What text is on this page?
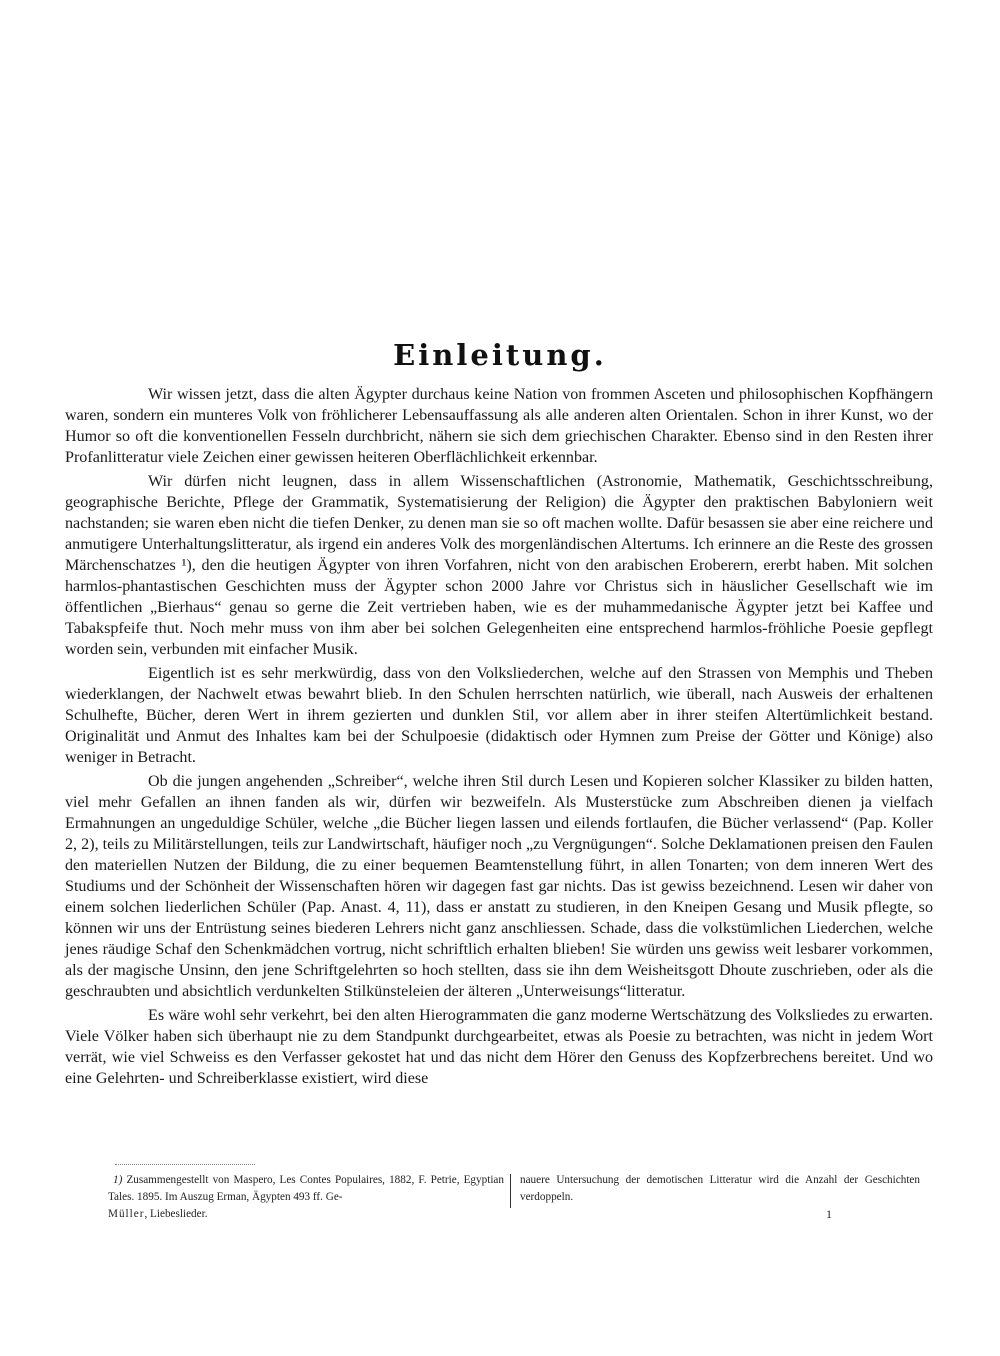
Einleitung.

Wir wissen jetzt, dass die alten Ägypter durchaus keine Nation von frommen Asceten und philosophischen Kopfhängern waren, sondern ein munteres Volk von fröhlicherer Lebensauffassung als alle anderen alten Orientalen. Schon in ihrer Kunst, wo der Humor so oft die konventionellen Fesseln durchbricht, nähern sie sich dem griechischen Charakter. Ebenso sind in den Resten ihrer Profanlitteratur viele Zeichen einer gewissen heiteren Oberflächlichkeit erkennbar.

Wir dürfen nicht leugnen, dass in allem Wissenschaftlichen (Astronomie, Mathematik, Geschichtsschreibung, geographische Berichte, Pflege der Grammatik, Systematisierung der Religion) die Ägypter den praktischen Babyloniern weit nachstanden; sie waren eben nicht die tiefen Denker, zu denen man sie so oft machen wollte. Dafür besassen sie aber eine reichere und anmutigere Unterhaltungslitteratur, als irgend ein anderes Volk des morgenländischen Altertums. Ich erinnere an die Reste des grossen Märchenschatzes ¹), den die heutigen Ägypter von ihren Vorfahren, nicht von den arabischen Eroberern, ererbt haben. Mit solchen harmlos-phantastischen Geschichten muss der Ägypter schon 2000 Jahre vor Christus sich in häuslicher Gesellschaft wie im öffentlichen „Bierhaus“ genau so gerne die Zeit vertrieben haben, wie es der muhammedanische Ägypter jetzt bei Kaffee und Tabakspfeife thut. Noch mehr muss von ihm aber bei solchen Gelegenheiten eine entsprechend harmlos-fröhliche Poesie gepflegt worden sein, verbunden mit einfacher Musik.

Eigentlich ist es sehr merkwürdig, dass von den Volksliederchen, welche auf den Strassen von Memphis und Theben wiederklangen, der Nachwelt etwas bewahrt blieb. In den Schulen herrschten natürlich, wie überall, nach Ausweis der erhaltenen Schulhefte, Bücher, deren Wert in ihrem gezierten und dunklen Stil, vor allem aber in ihrer steifen Altertümlichkeit bestand. Originalität und Anmut des Inhaltes kam bei der Schulpoesie (didaktisch oder Hymnen zum Preise der Götter und Könige) also weniger in Betracht.

Ob die jungen angehenden „Schreiber“, welche ihren Stil durch Lesen und Kopieren solcher Klassiker zu bilden hatten, viel mehr Gefallen an ihnen fanden als wir, dürfen wir bezweifeln. Als Musterstücke zum Abschreiben dienen ja vielfach Ermahnungen an ungeduldige Schüler, welche „die Bücher liegen lassen und eilends fortlaufen, die Bücher verlassend“ (Pap. Koller 2, 2), teils zu Militärstellungen, teils zur Landwirtschaft, häufiger noch „zu Vergnügungen“. Solche Deklamationen preisen den Faulen den materiellen Nutzen der Bildung, die zu einer bequemen Beamtenstellung führt, in allen Tonarten; von dem inneren Wert des Studiums und der Schönheit der Wissenschaften hören wir dagegen fast gar nichts. Das ist gewiss bezeichnend. Lesen wir daher von einem solchen liederlichen Schüler (Pap. Anast. 4, 11), dass er anstatt zu studieren, in den Kneipen Gesang und Musik pflegte, so können wir uns der Entrüstung seines biederen Lehrers nicht ganz anschliessen. Schade, dass die volkstümlichen Liederchen, welche jenes räudige Schaf den Schenkmädchen vortrug, nicht schriftlich erhalten blieben! Sie würden uns gewiss weit lesbarer vorkommen, als der magische Unsinn, den jene Schriftgelehrten so hoch stellten, dass sie ihn dem Weisheitsgott Dhoute zuschrieben, oder als die geschraubten und absichtlich verdunkelten Stilkünsteleien der älteren „Unterweisungs“litteratur.

Es wäre wohl sehr verkehrt, bei den alten Hierogrammaten die ganz moderne Wertschätzung des Volksliedes zu erwarten. Viele Völker haben sich überhaupt nie zu dem Standpunkt durchgearbeitet, etwas als Poesie zu betrachten, was nicht in jedem Wort verrät, wie viel Schweiss es den Verfasser gekostet hat und das nicht dem Hörer den Genuss des Kopfzerbrechens bereitet. Und wo eine Gelehrten- und Schreiberklasse existiert, wird diese

1) Zusammengestellt von Maspero, Les Contes Populaires, 1882, F. Petrie, Egyptian Tales. 1895. Im Auszug Erman, Ägypten 493 ff. Ge-
Müller, Liebeslieder.
nauere Untersuchung der demotischen Litteratur wird die Anzahl der Geschichten verdoppeln.
1
